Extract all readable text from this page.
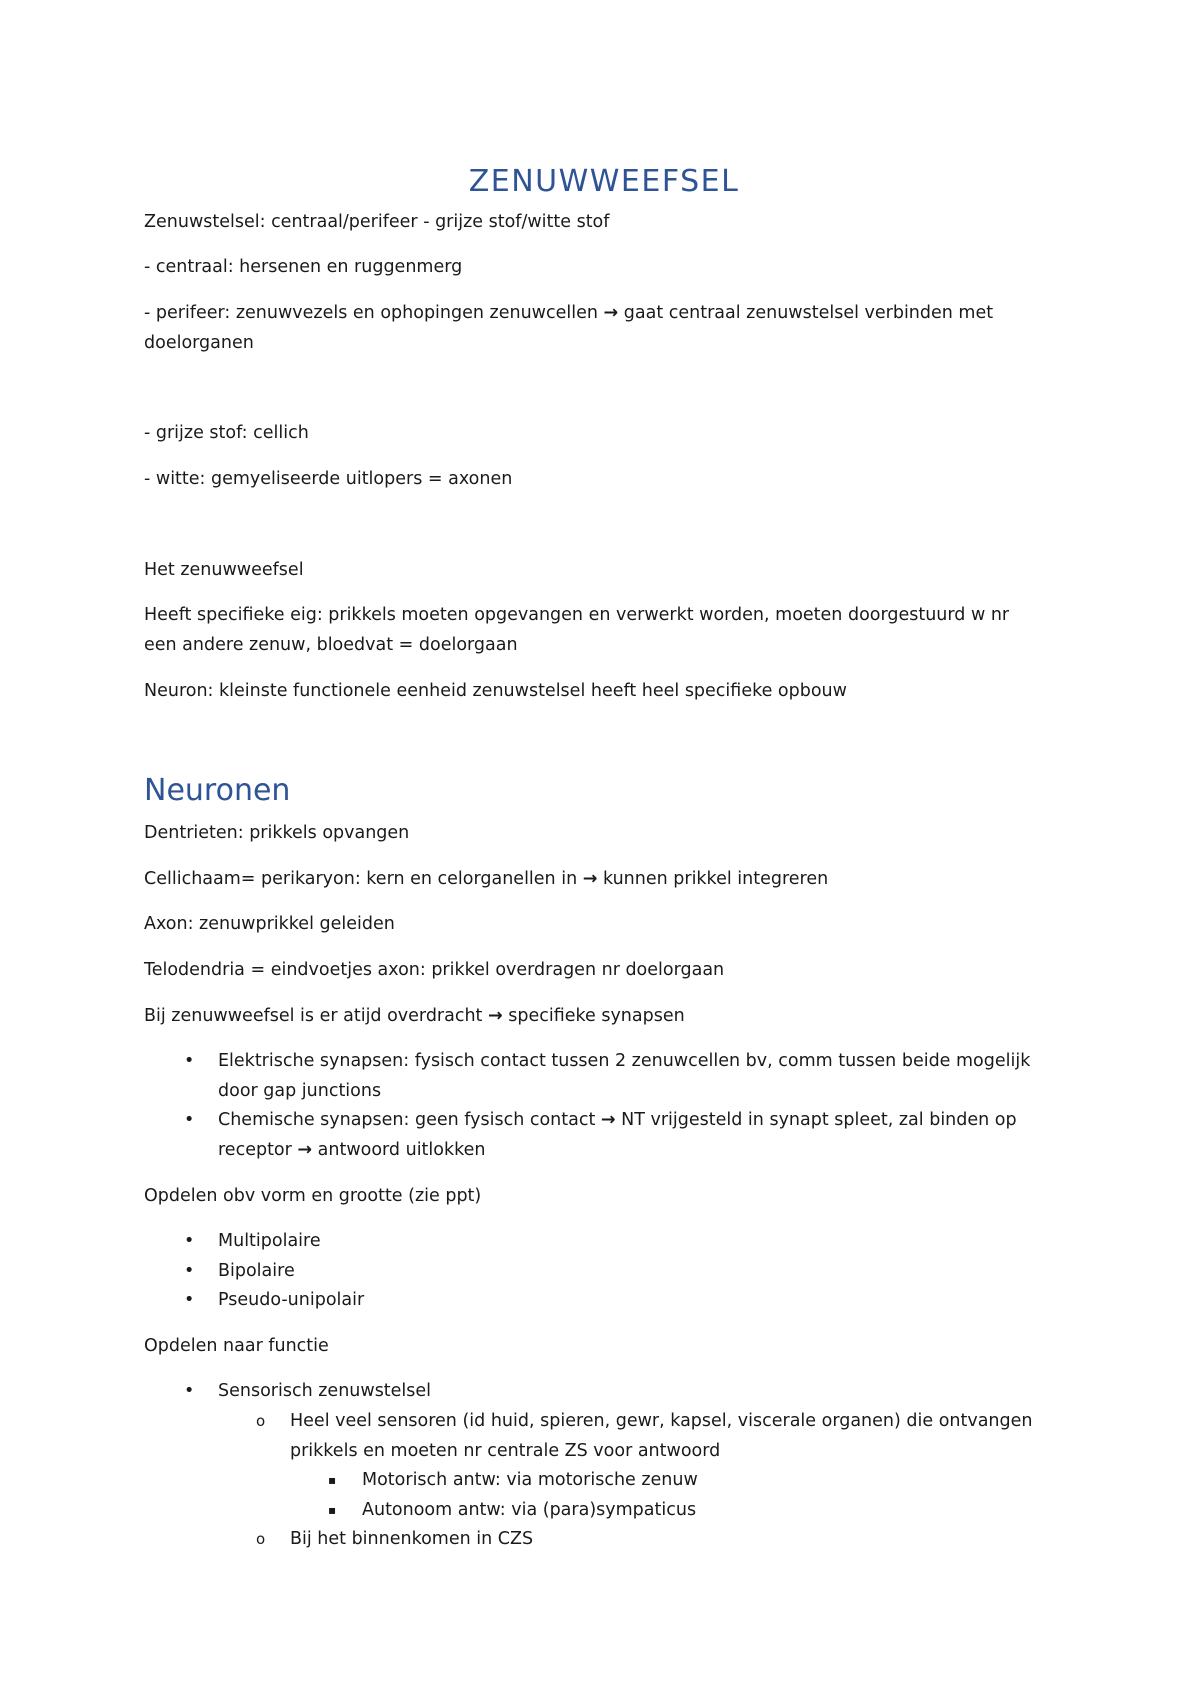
ZENUWWEEFSEL

Zenuwstelsel: centraal/perifeer - grijze stof/witte stof

- centraal: hersenen en ruggenmerg

- perifeer: zenuwvezels en ophopingen zenuwcellen → gaat centraal zenuwstelsel verbinden met

doelorganen

- grijze stof: cellich

- witte: gemyeliseerde uitlopers = axonen

Het zenuwweefsel

Heeft specifieke eig: prikkels moeten opgevangen en verwerkt worden, moeten doorgestuurd w nr

een andere zenuw, bloedvat = doelorgaan

Neuron: kleinste functionele eenheid zenuwstelsel heeft heel specifieke opbouw

Neuronen

Dentrieten: prikkels opvangen

Cellichaam= perikaryon: kern en celorganellen in → kunnen prikkel integreren

Axon: zenuwprikkel geleiden

Telodendria = eindvoetjes axon: prikkel overdragen nr doelorgaan

Bij zenuwweefsel is er atijd overdracht → specifieke synapsen

• Elektrische synapsen: fysisch contact tussen 2 zenuwcellen bv, comm tussen beide mogelijk
door gap junctions
• Chemische synapsen: geen fysisch contact → NT vrijgesteld in synapt spleet, zal binden op
receptor → antwoord uitlokken

Opdelen obv vorm en grootte (zie ppt)

• Multipolaire
• Bipolaire
• Pseudo-unipolair

Opdelen naar functie

• Sensorisch zenuwstelsel
o Heel veel sensoren (id huid, spieren, gewr, kapsel, viscerale organen) die ontvangen
prikkels en moeten nr centrale ZS voor antwoord
▪ Motorisch antw: via motorische zenuw
▪ Autonoom antw: via (para)sympaticus
o Bij het binnenkomen in CZS
